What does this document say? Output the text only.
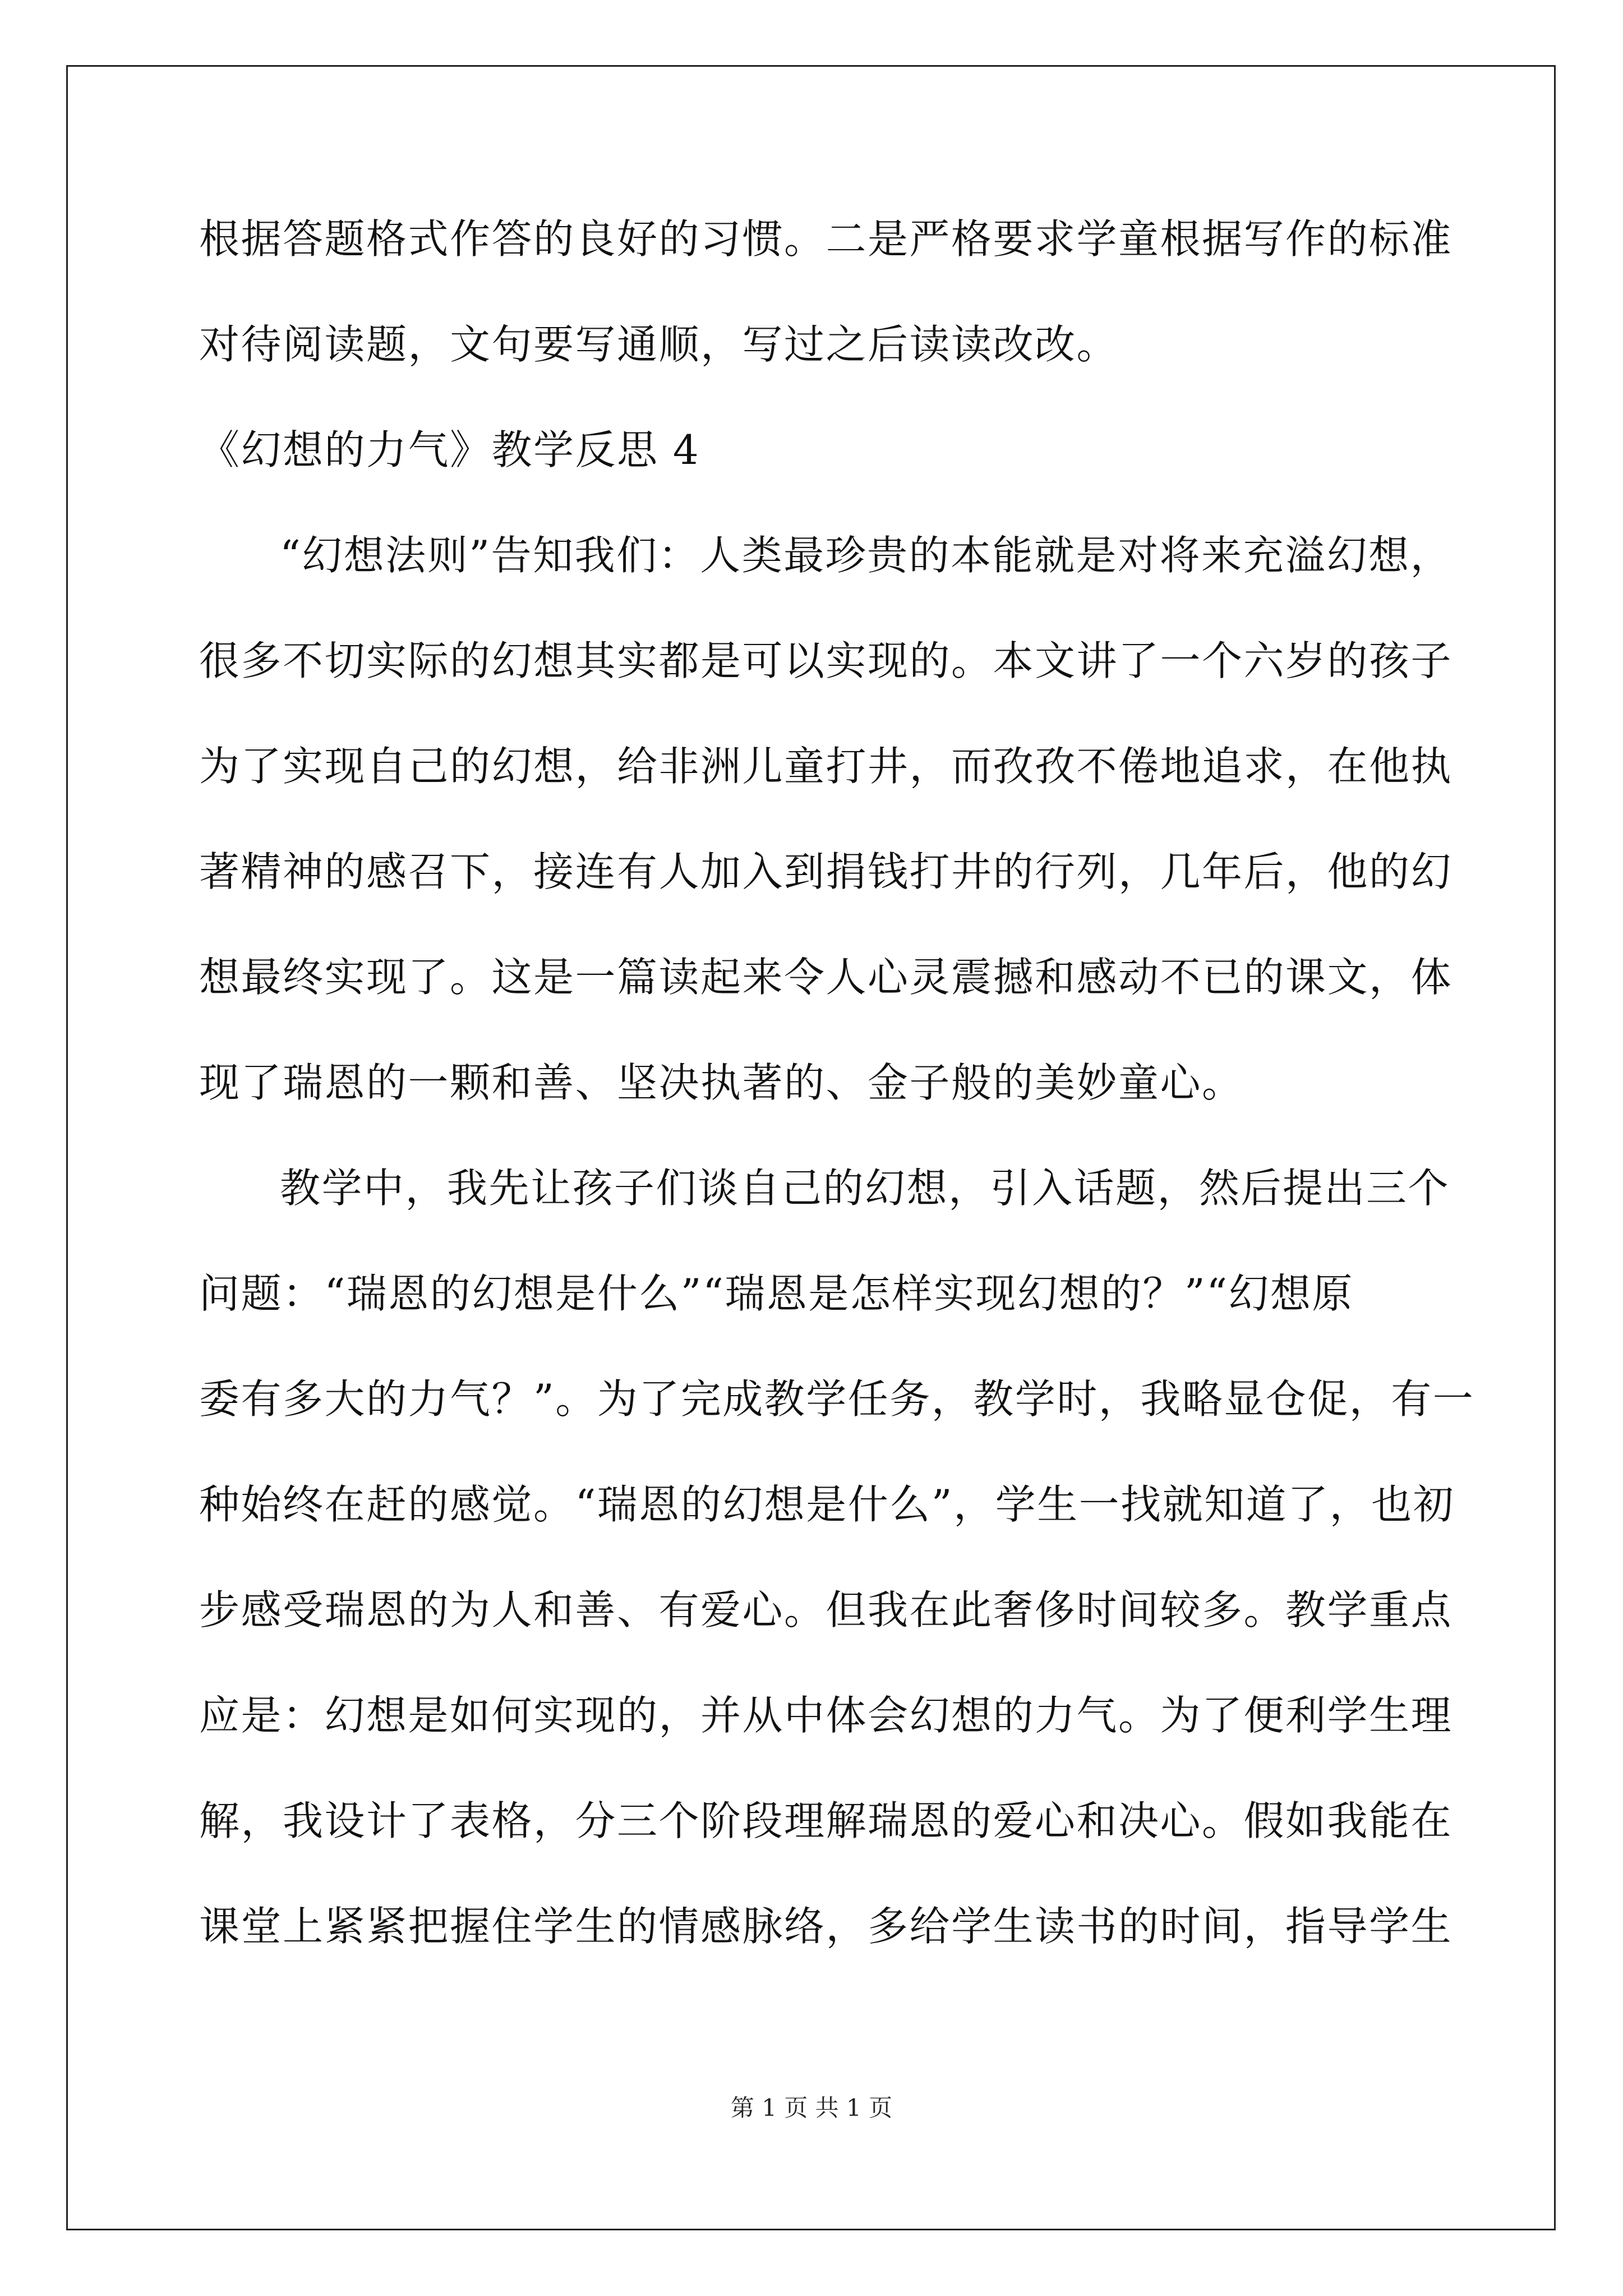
根据答题格式作答的良好的习惯。二是严格要求学童根据写作的标准
对待阅读题，文句要写通顺，写过之后读读改改。
《幻想的力气》教学反思 4
“幻想法则”告知我们：人类最珍贵的本能就是对将来充溢幻想，
很多不切实际的幻想其实都是可以实现的。本文讲了一个六岁的孩子
为了实现自己的幻想，给非洲儿童打井，而孜孜不倦地追求，在他执
著精神的感召下，接连有人加入到捐钱打井的行列，几年后，他的幻
想最终实现了。这是一篇读起来令人心灵震撼和感动不已的课文，体
现了瑞恩的一颗和善、坚决执著的、金子般的美妙童心。
教学中，我先让孩子们谈自己的幻想，引入话题，然后提出三个
问题：“瑞恩的幻想是什么”“瑞恩是怎样实现幻想的？”“幻想原
委有多大的力气？”。为了完成教学任务，教学时，我略显仓促，有一
种始终在赶的感觉。“瑞恩的幻想是什么”，学生一找就知道了，也初
步感受瑞恩的为人和善、有爱心。但我在此奢侈时间较多。教学重点
应是：幻想是如何实现的，并从中体会幻想的力气。为了便利学生理
解，我设计了表格，分三个阶段理解瑞恩的爱心和决心。假如我能在
课堂上紧紧把握住学生的情感脉络，多给学生读书的时间，指导学生
第 1 页 共 1 页
